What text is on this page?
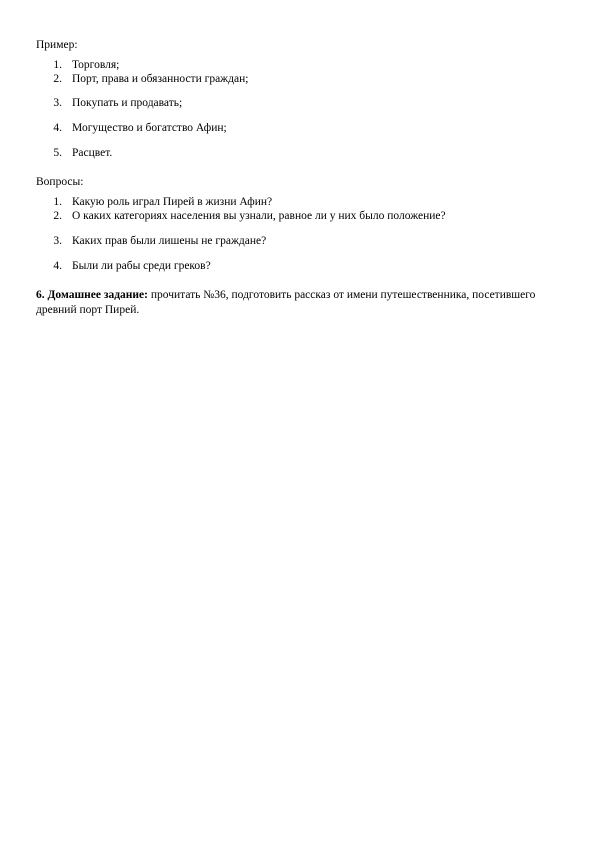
Пример:
1. Торговля;
2. Порт, права и обязанности граждан;
3. Покупать и продавать;
4. Могущество и богатство Афин;
5. Расцвет.
Вопросы:
1. Какую роль играл Пирей в жизни Афин?
2. О каких категориях населения вы узнали, равное ли у них было положение?
3. Каких прав были лишены не граждане?
4. Были ли рабы среди греков?
6. Домашнее задание: прочитать №36, подготовить рассказ от имени путешественника, посетившего древний порт Пирей.
